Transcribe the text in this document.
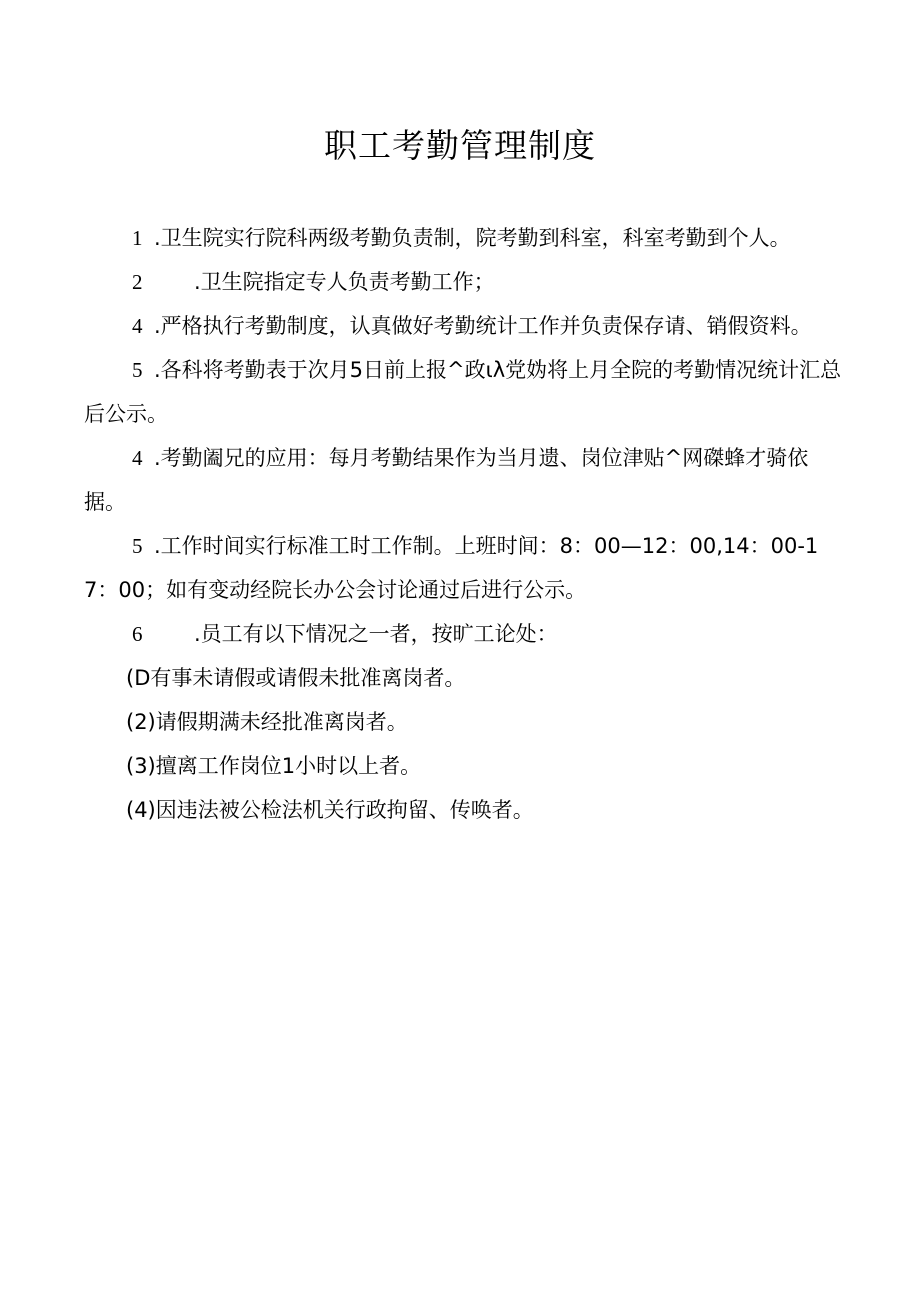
职工考勤管理制度

1 .卫生院实行院科两级考勤负责制，院考勤到科室，科室考勤到个人。

2 .卫生院指定专人负责考勤工作；

4 .严格执行考勤制度，认真做好考勤统计工作并负责保存请、销假资料。

5 .各科将考勤表于次月5日前上报^政ιλ党妫将上月全院的考勤情况统计汇总后公示。

4 .考勤阖兄的应用：每月考勤结果作为当月遗、岗位津贴^网磔蜂才骑依据。

5 .工作时间实行标准工时工作制。上班时间：8：00—12：00,14：00-17：00；如有变动经院长办公会讨论通过后进行公示。

6 .员工有以下情况之一者，按旷工论处：

(D有事未请假或请假未批准离岗者。

(2)请假期满未经批准离岗者。

(3)擅离工作岗位1小时以上者。

(4)因违法被公检法机关行政拘留、传唤者。
